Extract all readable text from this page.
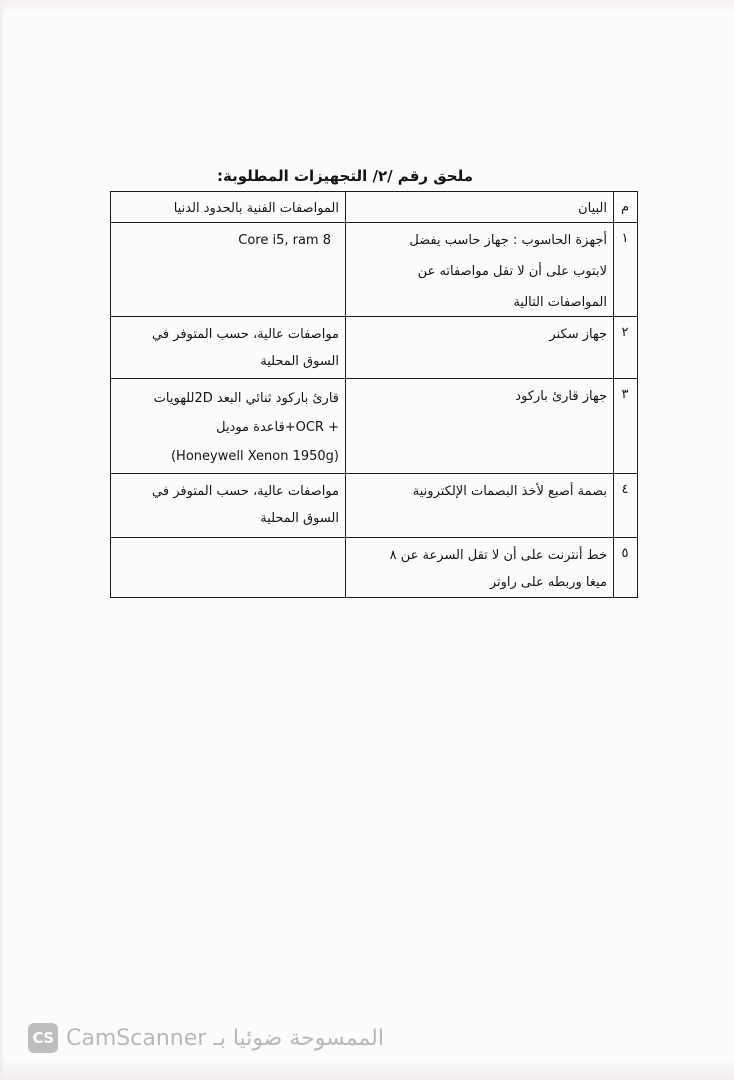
ملحق رقم /٢/ التجهيزات المطلوبة:
م	البيان	المواصفات الفنية بالحدود الدنيا
١	أجهزة الحاسوب : جهاز حاسب يفضل
لابتوب على أن لا تقل مواصفاته عن
المواصفات التالية	Core i5, ram 8

٢	جهاز سكنر	مواصفات عالية، حسب المتوفر في
السوق المحلية

٣	جهاز قارئ باركود	قارئ باركود ثنائي البعد 2Dللهويات
+ OCR+قاعدة موديل
(Honeywell Xenon 1950g)

٤	بصمة أصبع لأخذ البصمات الإلكترونية	مواصفات عالية، حسب المتوفر في
السوق المحلية

٥	خط أنترنت على أن لا تقل السرعة عن ٨
ميغا وربطه على راوتر	

CS الممسوحة ضوئيا بـ CamScanner
